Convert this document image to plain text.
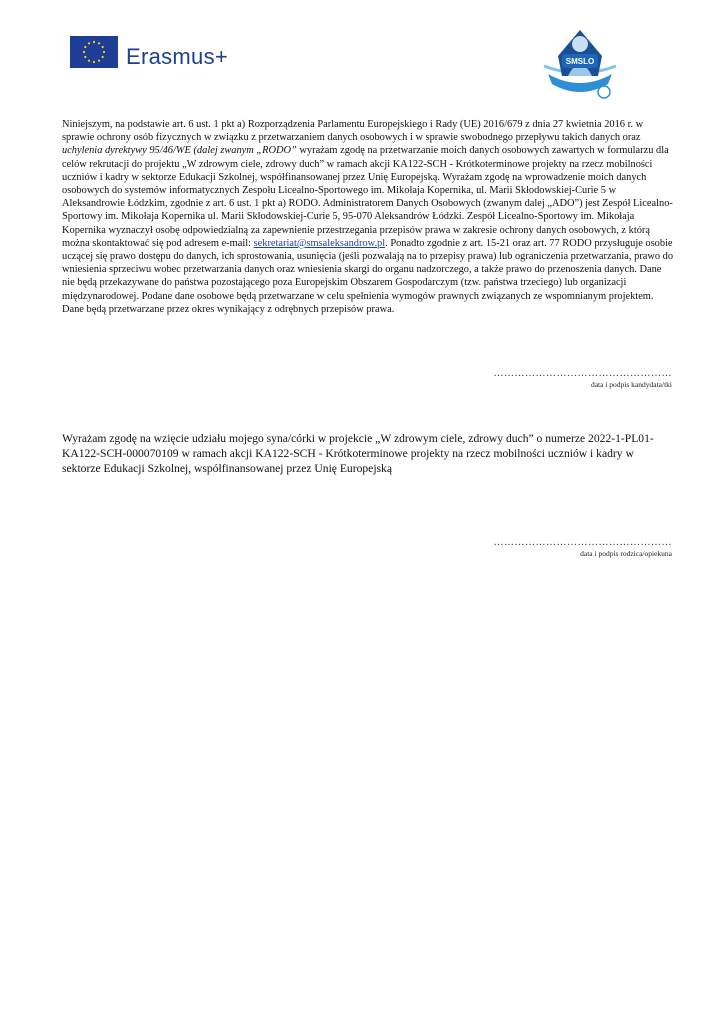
Erasmus+	SMSLO

Niniejszym, na podstawie art. 6 ust. 1 pkt a) Rozporządzenia Parlamentu Europejskiego i Rady (UE) 2016/679 z dnia 27 kwietnia 2016 r. w sprawie ochrony osób fizycznych w związku z przetwarzaniem danych osobowych i w sprawie swobodnego przepływu takich danych oraz uchylenia dyrektywy 95/46/WE (dalej zwanym „RODO” wyrażam zgodę na przetwarzanie moich danych osobowych zawartych w formularzu dla celów rekrutacji do projektu „W zdrowym ciele, zdrowy duch” w ramach akcji KA122-SCH - Krótkoterminowe projekty na rzecz mobilności uczniów i kadry w sektorze Edukacji Szkolnej, współfinansowanej przez Unię Europejską. Wyrażam zgodę na wprowadzenie moich danych osobowych do systemów informatycznych Zespołu Licealno-Sportowego im. Mikołaja Kopernika, ul. Marii Skłodowskiej-Curie 5 w Aleksandrowie Łódzkim, zgodnie z art. 6 ust. 1 pkt a) RODO. Administratorem Danych Osobowych (zwanym dalej „ADO”) jest Zespół Licealno-Sportowy im. Mikołaja Kopernika ul. Marii Skłodowskiej-Curie 5, 95-070 Aleksandrów Łódzki. Zespół Licealno-Sportowy im. Mikołaja Kopernika wyznaczył osobę odpowiedzialną za zapewnienie przestrzegania przepisów prawa w zakresie ochrony danych osobowych, z którą można skontaktować się pod adresem e-mail: sekretariat@smsaleksandrow.pl. Ponadto zgodnie z art. 15-21 oraz art. 77 RODO przysługuje osobie uczącej się prawo dostępu do danych, ich sprostowania, usunięcia (jeśli pozwalają na to przepisy prawa) lub ograniczenia przetwarzania, prawo do wniesienia sprzeciwu wobec przetwarzania danych oraz wniesienia skargi do organu nadzorczego, a także prawo do przenoszenia danych. Dane nie będą przekazywane do państwa pozostającego poza Europejskim Obszarem Gospodarczym (tzw. państwa trzeciego) lub organizacji międzynarodowej. Podane dane osobowe będą przetwarzane w celu spełnienia wymogów prawnych związanych ze wspomnianym projektem. Dane będą przetwarzane przez okres wynikający z odrębnych przepisów prawa.

……………………………………………
data i podpis kandydata/tki
Wyrażam zgodę na wzięcie udziału mojego syna/córki w projekcie „W zdrowym ciele, zdrowy duch” o numerze 2022-1-PL01-KA122-SCH-000070109 w ramach akcji KA122-SCH - Krótkoterminowe projekty na rzecz mobilności uczniów i kadry w sektorze Edukacji Szkolnej, współfinansowanej przez Unię Europejską
……………………………………………
data i podpis rodzica/opiekuna
